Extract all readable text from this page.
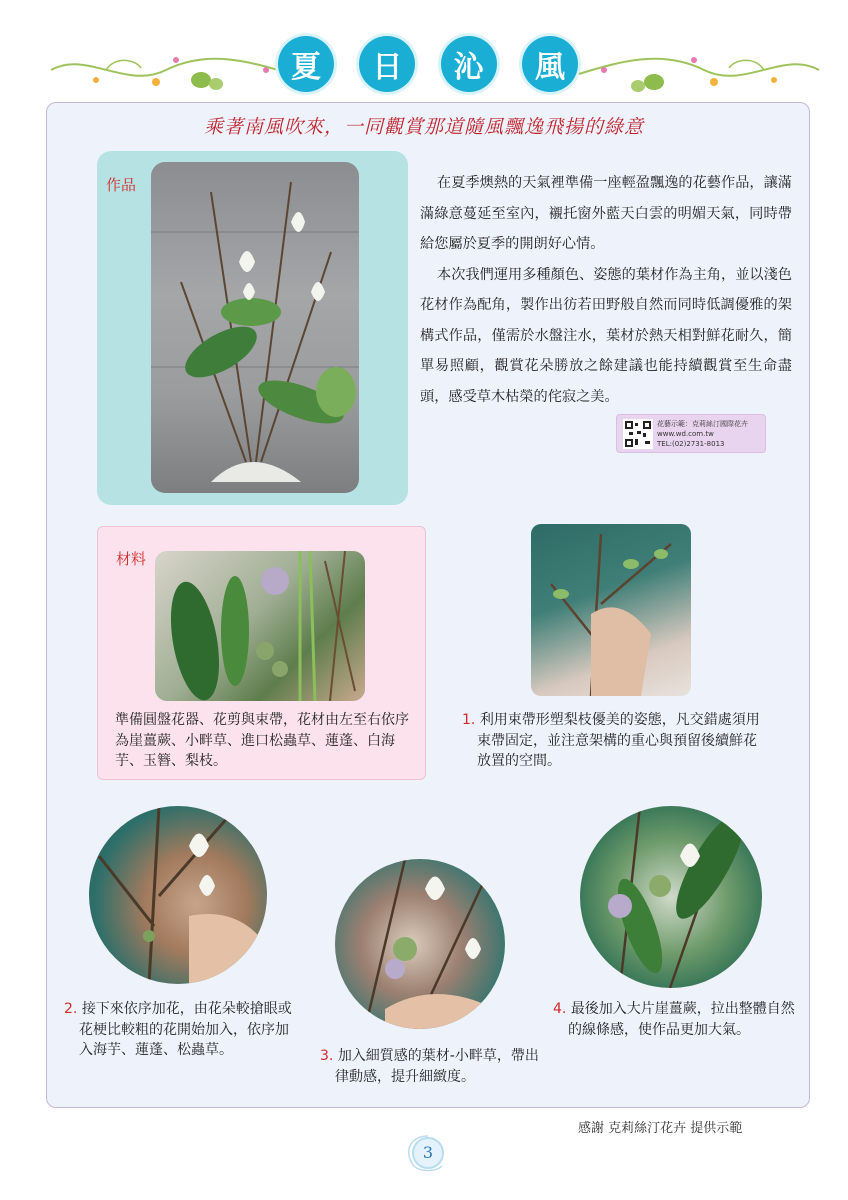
夏	日	沁	風
乘著南風吹來，一同觀賞那道隨風飄逸飛揚的綠意
作品	在夏季燠熱的天氣裡準備一座輕盈飄逸的花藝作品，讓滿滿綠意蔓延至室內，襯托窗外藍天白雲的明媚天氣，同時帶給您屬於夏季的開朗好心情。

本次我們運用多種顏色、姿態的葉材作為主角，並以淺色花材作為配角，製作出彷若田野般自然而同時低調優雅的架構式作品，僅需於水盤注水，葉材於熱天相對鮮花耐久，簡單易照顧，觀賞花朵勝放之餘建議也能持續觀賞至生命盡頭，感受草木枯榮的侘寂之美。

花藝示範：克莉絲汀國際花卉
www.wd.com.tw
TEL:(02)2731-8013
材料
準備圓盤花器、花剪與束帶，花材由左至右依序為崖薑蕨、小畔草、進口松蟲草、蓮蓬、白海芋、玉簪、梨枝。
1. 利用束帶形塑梨枝優美的姿態，凡交錯處須用
束帶固定，並注意架構的重心與預留後續鮮花
放置的空間。
2. 接下來依序加花，由花朵較搶眼或
花梗比較粗的花開始加入，依序加
入海芋、蓮蓬、松蟲草。	3. 加入細質感的葉材-小畔草，帶出
律動感，提升細緻度。
4. 最後加入大片崖薑蕨，拉出整體自然
的線條感，使作品更加大氣。
感謝 克莉絲汀花卉 提供示範
3
